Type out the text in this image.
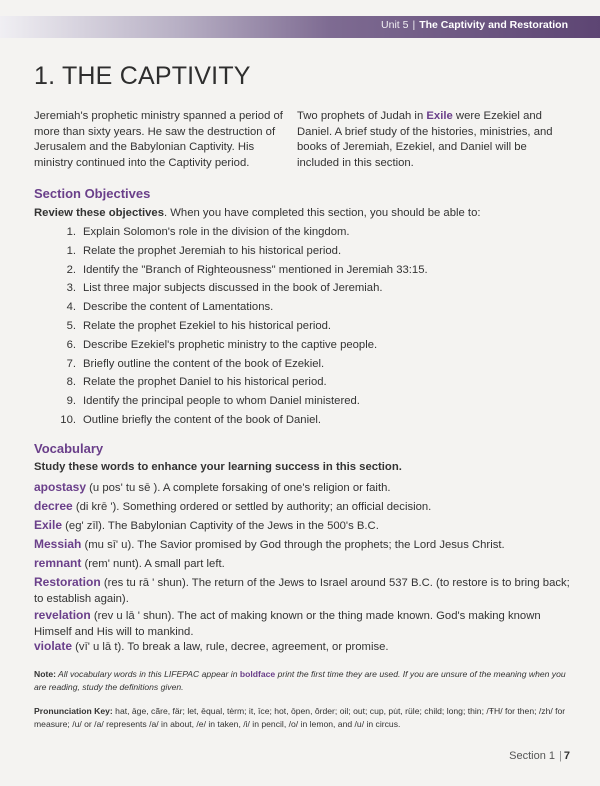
Unit 5 | The Captivity and Restoration
1. THE CAPTIVITY
Jeremiah's prophetic ministry spanned a period of more than sixty years. He saw the destruction of Jerusalem and the Babylonian Captivity. His ministry continued into the Captivity period.
Two prophets of Judah in Exile were Ezekiel and Daniel. A brief study of the histories, ministries, and books of Jeremiah, Ezekiel, and Daniel will be included in this section.
Section Objectives
Review these objectives. When you have completed this section, you should be able to:
1. Explain Solomon's role in the division of the kingdom.
1. Relate the prophet Jeremiah to his historical period.
2. Identify the "Branch of Righteousness" mentioned in Jeremiah 33:15.
3. List three major subjects discussed in the book of Jeremiah.
4. Describe the content of Lamentations.
5. Relate the prophet Ezekiel to his historical period.
6. Describe Ezekiel's prophetic ministry to the captive people.
7. Briefly outline the content of the book of Ezekiel.
8. Relate the prophet Daniel to his historical period.
9. Identify the principal people to whom Daniel ministered.
10. Outline briefly the content of the book of Daniel.
Vocabulary
Study these words to enhance your learning success in this section.
apostasy (u pos' tu sē ). A complete forsaking of one's religion or faith.
decree (di krē '). Something ordered or settled by authority; an official decision.
Exile (eg' zīl). The Babylonian Captivity of the Jews in the 500's B.C.
Messiah (mu sī' u). The Savior promised by God through the prophets; the Lord Jesus Christ.
remnant (rem' nunt). A small part left.
Restoration (res tu rā ' shun). The return of the Jews to Israel around 537 B.C. (to restore is to bring back; to establish again).
revelation (rev u lā ' shun). The act of making known or the thing made known. God's making known Himself and His will to mankind.
violate (vī' u lā t). To break a law, rule, decree, agreement, or promise.
Note: All vocabulary words in this LIFEPAC appear in boldface print the first time they are used. If you are unsure of the meaning when you are reading, study the definitions given.
Pronunciation Key: hat, āge, cãre, fär; let, ēqual, tėrm; it, īce; hot, ōpen, ôrder; oil; out; cup, pu̇t, rüle; child; long; thin; /ŦH/ for then; /zh/ for measure; /u/ or /a/ represents /a/ in about, /e/ in taken, /i/ in pencil, /o/ in lemon, and /u/ in circus.
Section 1 | 7
